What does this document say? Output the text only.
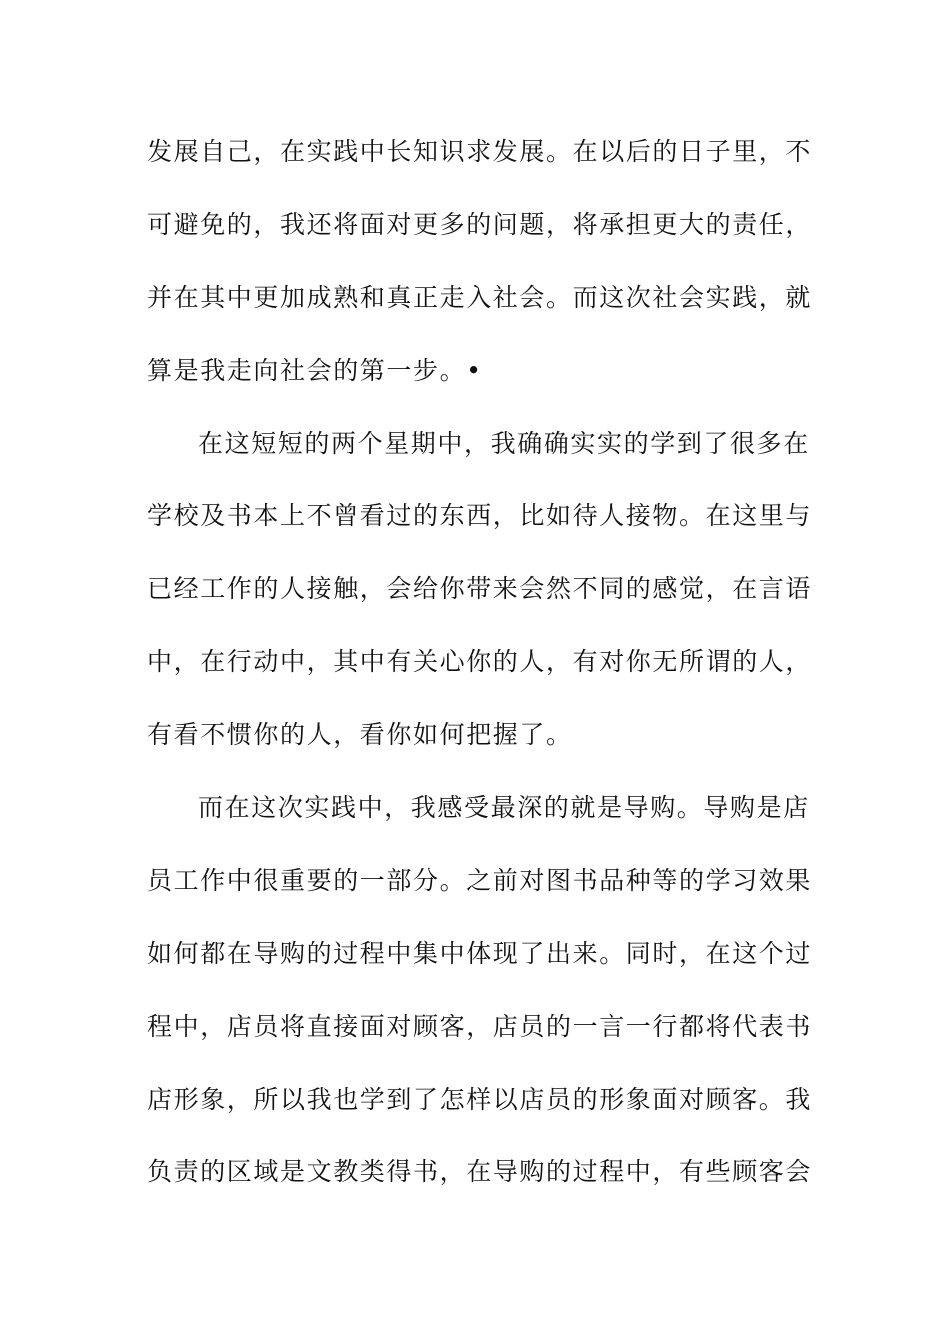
发展自己，在实践中长知识求发展。在以后的日子里，不
可避免的，我还将面对更多的问题，将承担更大的责任，
并在其中更加成熟和真正走入社会。而这次社会实践，就
算是我走向社会的第一步。•
在这短短的两个星期中，我确确实实的学到了很多在
学校及书本上不曾看过的东西，比如待人接物。在这里与
已经工作的人接触，会给你带来会然不同的感觉，在言语
中，在行动中，其中有关心你的人，有对你无所谓的人，
有看不惯你的人，看你如何把握了。
而在这次实践中，我感受最深的就是导购。导购是店
员工作中很重要的一部分。之前对图书品种等的学习效果
如何都在导购的过程中集中体现了出来。同时，在这个过
程中，店员将直接面对顾客，店员的一言一行都将代表书
店形象，所以我也学到了怎样以店员的形象面对顾客。我
负责的区域是文教类得书，在导购的过程中，有些顾客会
